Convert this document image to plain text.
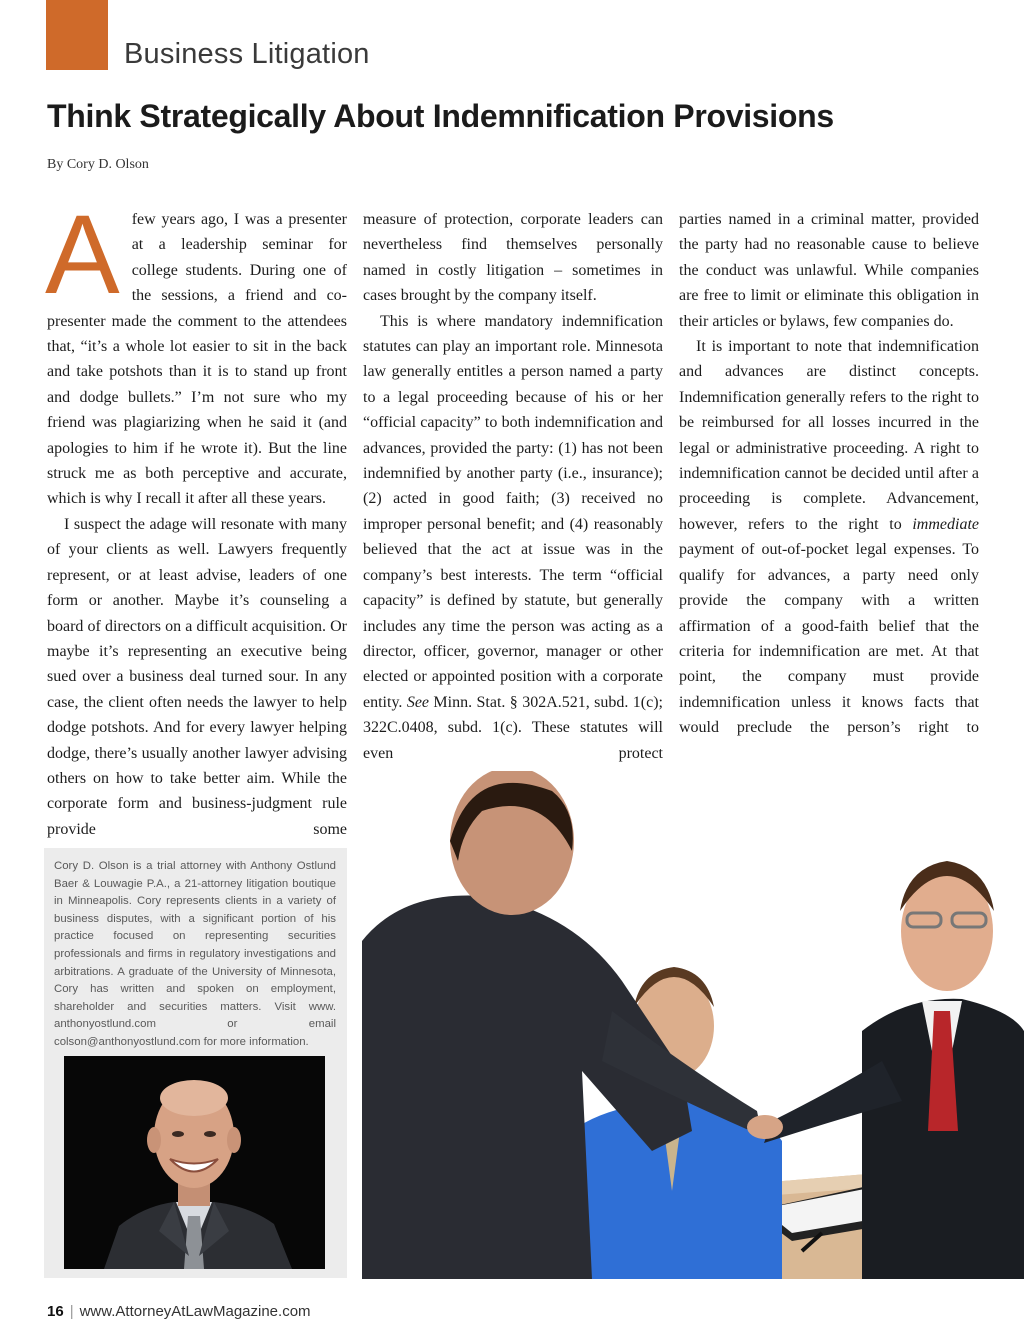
Business Litigation
Think Strategically About Indemnification Provisions
By Cory D. Olson

Afew years ago, I was a presenter at a leadership seminar for college students. During one of the sessions, a friend and co-presenter made the comment to the attendees that, “it’s a whole lot easier to sit in the back and take potshots than it is to stand up front and dodge bullets.” I’m not sure who my friend was plagiarizing when he said it (and apologies to him if he wrote it). But the line struck me as both perceptive and accurate, which is why I recall it after all these years.

I suspect the adage will resonate with many of your clients as well. Lawyers frequently represent, or at least advise, leaders of one form or another. Maybe it’s counseling a board of directors on a difficult acquisition. Or maybe it’s representing an executive being sued over a business deal turned sour. In any case, the client often needs the lawyer to help dodge potshots. And for every lawyer helping dodge, there’s usually another lawyer advising others on how to take better aim. While the corporate form and business-judgment rule provide some

measure of protection, corporate leaders can nevertheless find themselves personally named in costly litigation – sometimes in cases brought by the company itself.

This is where mandatory indemnification statutes can play an important role. Minnesota law generally entitles a person named a party to a legal proceeding because of his or her “official capacity” to both indemnification and advances, provided the party: (1) has not been indemnified by another party (i.e., insurance); (2) acted in good faith; (3) received no improper personal benefit; and (4) reasonably believed that the act at issue was in the company’s best interests. The term “official capacity” is defined by statute, but generally includes any time the person was acting as a director, officer, governor, manager or other elected or appointed position with a corporate entity. See Minn. Stat. § 302A.521, subd. 1(c); 322C.0408, subd. 1(c). These statutes will even protect

parties named in a criminal matter, provided the party had no reasonable cause to believe the conduct was unlawful. While companies are free to limit or eliminate this obligation in their articles or bylaws, few companies do.

It is important to note that indemnification and advances are distinct concepts. Indemnification generally refers to the right to be reimbursed for all losses incurred in the legal or administrative proceeding. A right to indemnification cannot be decided until after a proceeding is complete. Advancement, however, refers to the right to immediate payment of out-of-pocket legal expenses. To qualify for advances, a party need only provide the company with a written affirmation of a good-faith belief that the criteria for indemnification are met. At that point, the company must provide indemnification unless it knows facts that would preclude the person’s right to

Cory D. Olson is a trial attorney with Anthony Ostlund Baer & Louwagie P.A., a 21-attorney litigation boutique in Minneapolis. Cory represents clients in a variety of business disputes, with a significant portion of his practice focused on representing securities professionals and firms in regulatory investigations and arbitrations. A graduate of the University of Minnesota, Cory has written and spoken on employment, shareholder and securities matters. Visit www. anthonyostlund.com or email colson@anthonyostlund.com for more information.
16 | www.AttorneyAtLawMagazine.com
